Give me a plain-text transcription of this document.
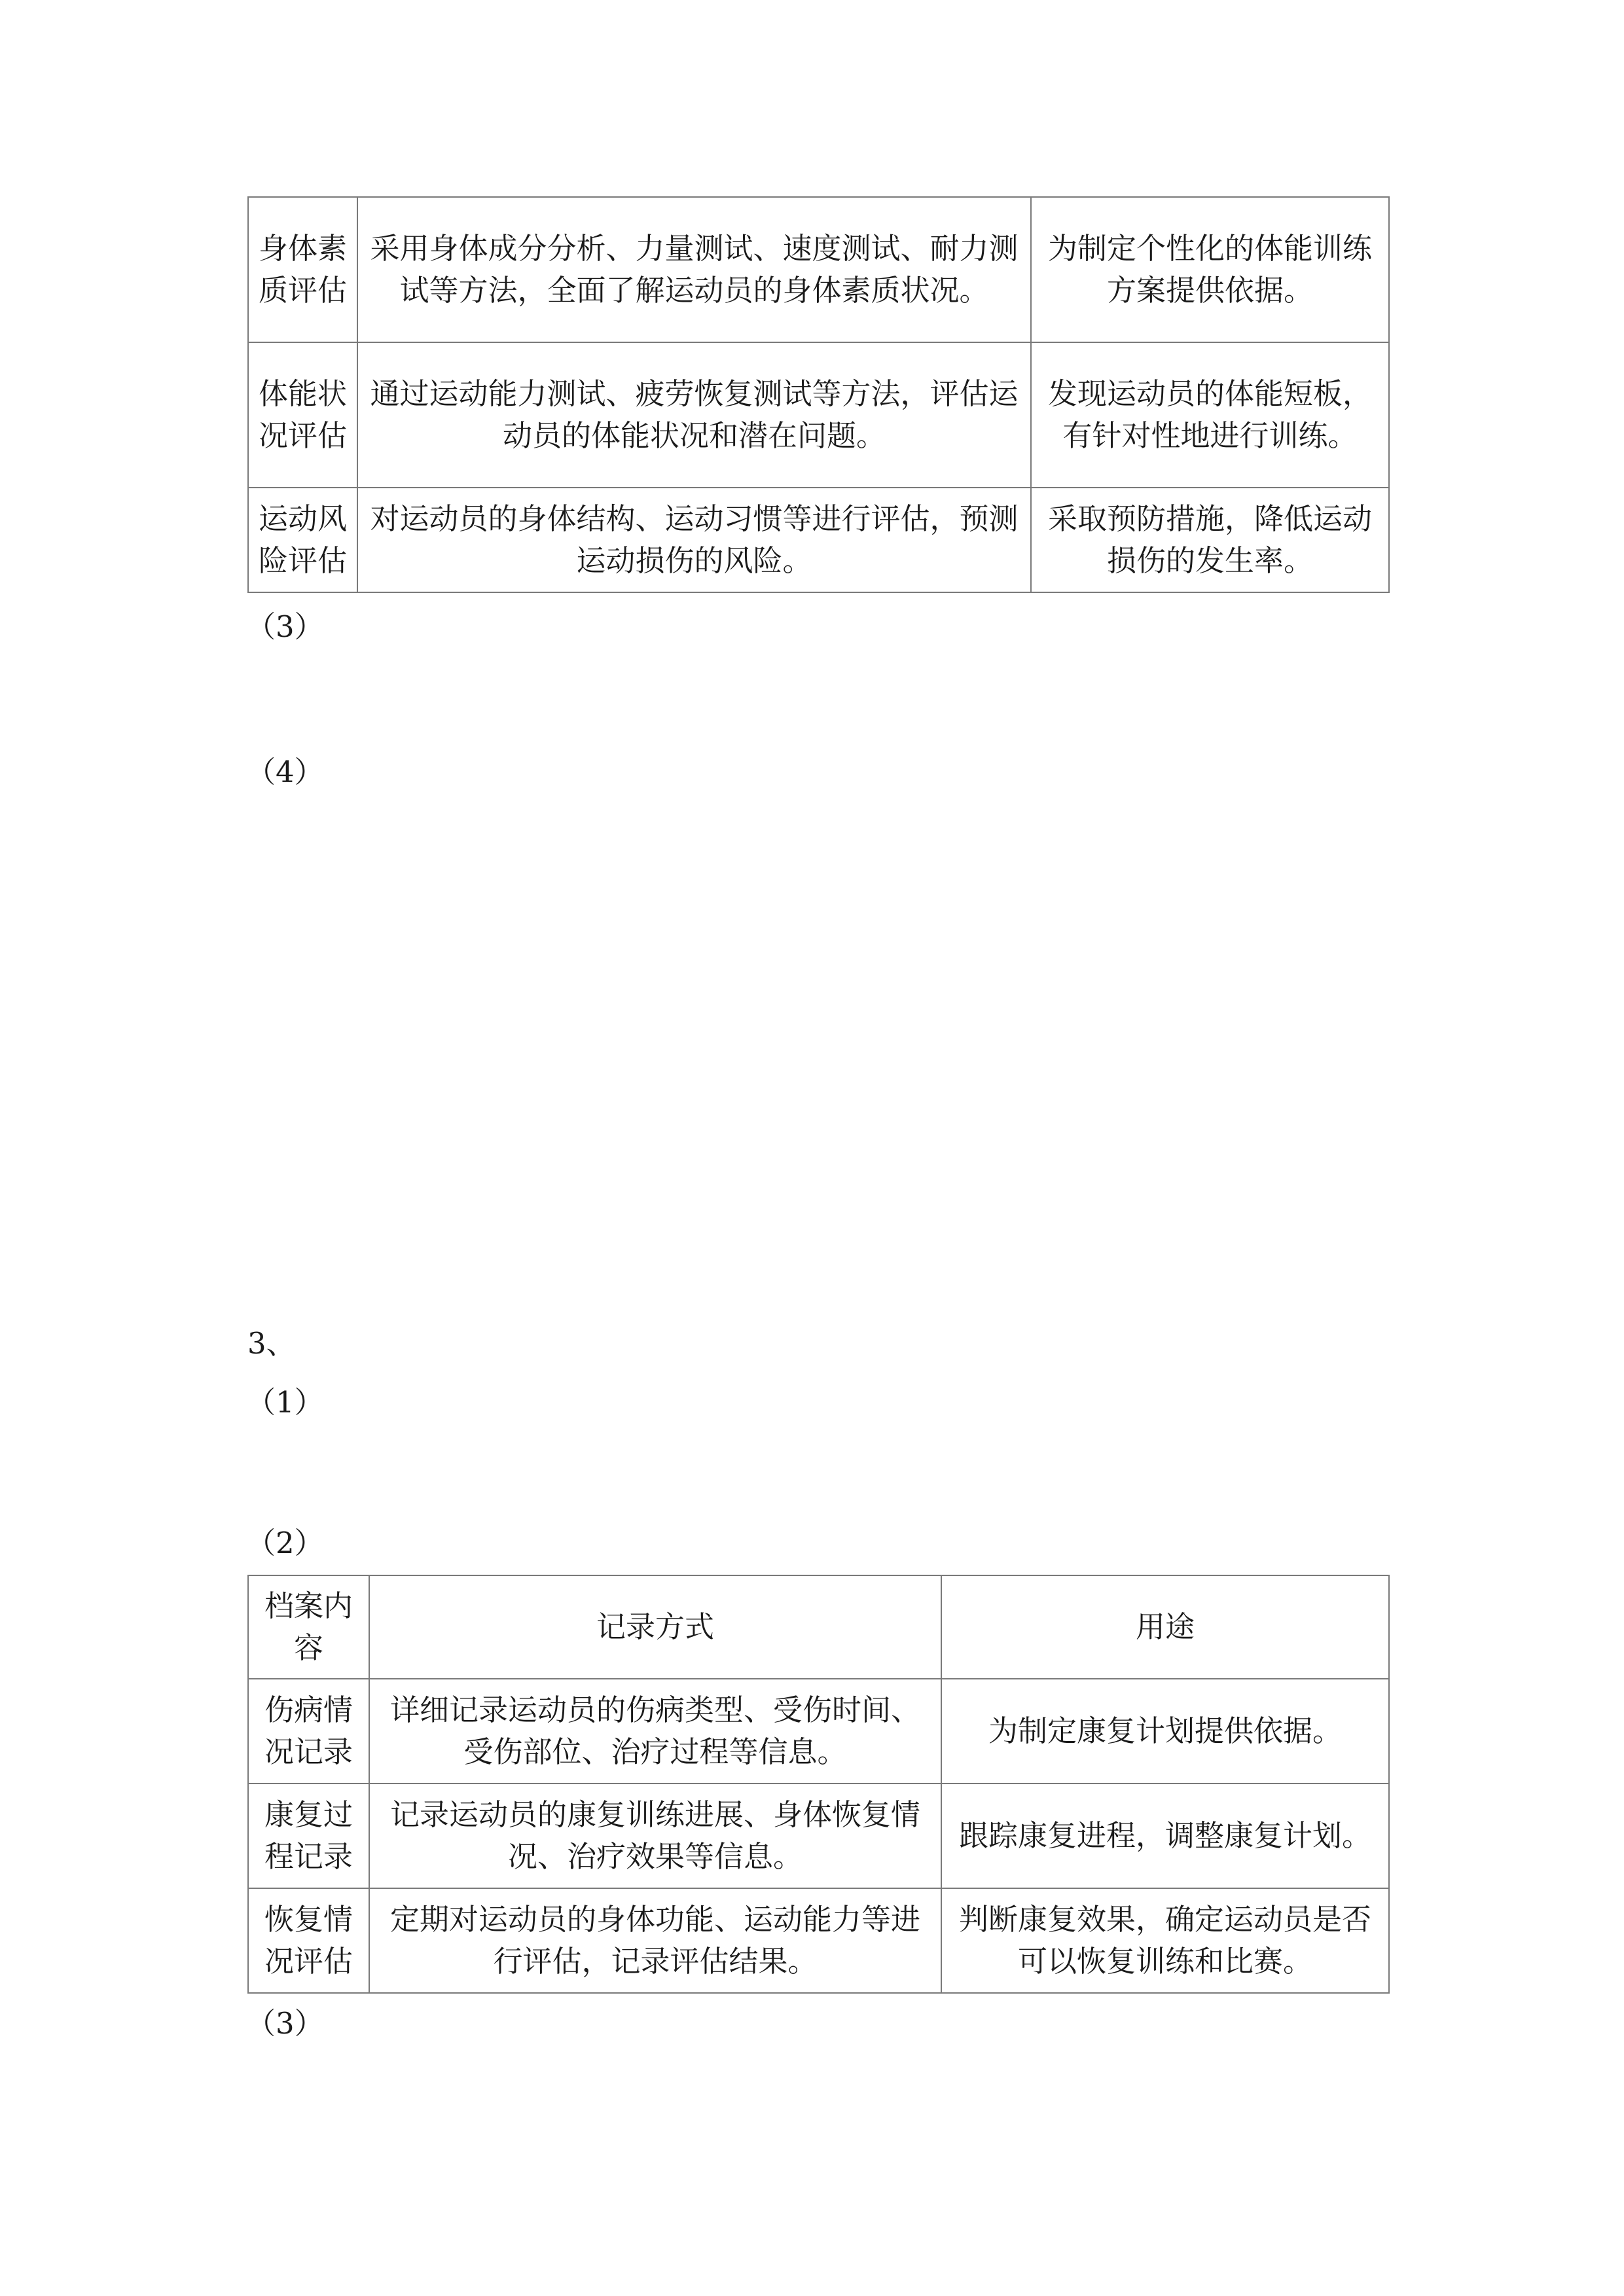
身体素质评估	采用身体成分分析、力量测试、速度测试、耐力测试等方法，全面了解运动员的身体素质状况。	为制定个性化的体能训练方案提供依据。
体能状况评估	通过运动能力测试、疲劳恢复测试等方法，评估运动员的体能状况和潜在问题。	发现运动员的体能短板，有针对性地进行训练。
运动风险评估	对运动员的身体结构、运动习惯等进行评估，预测运动损伤的风险。	采取预防措施，降低运动损伤的发生率。
（3）
（4）
3、
（1）
（2）
档案内容	记录方式	用途
伤病情况记录	详细记录运动员的伤病类型、受伤时间、受伤部位、治疗过程等信息。	为制定康复计划提供依据。
康复过程记录	记录运动员的康复训练进展、身体恢复情况、治疗效果等信息。	跟踪康复进程，调整康复计划。
恢复情况评估	定期对运动员的身体功能、运动能力等进行评估，记录评估结果。	判断康复效果，确定运动员是否可以恢复训练和比赛。
（3）
